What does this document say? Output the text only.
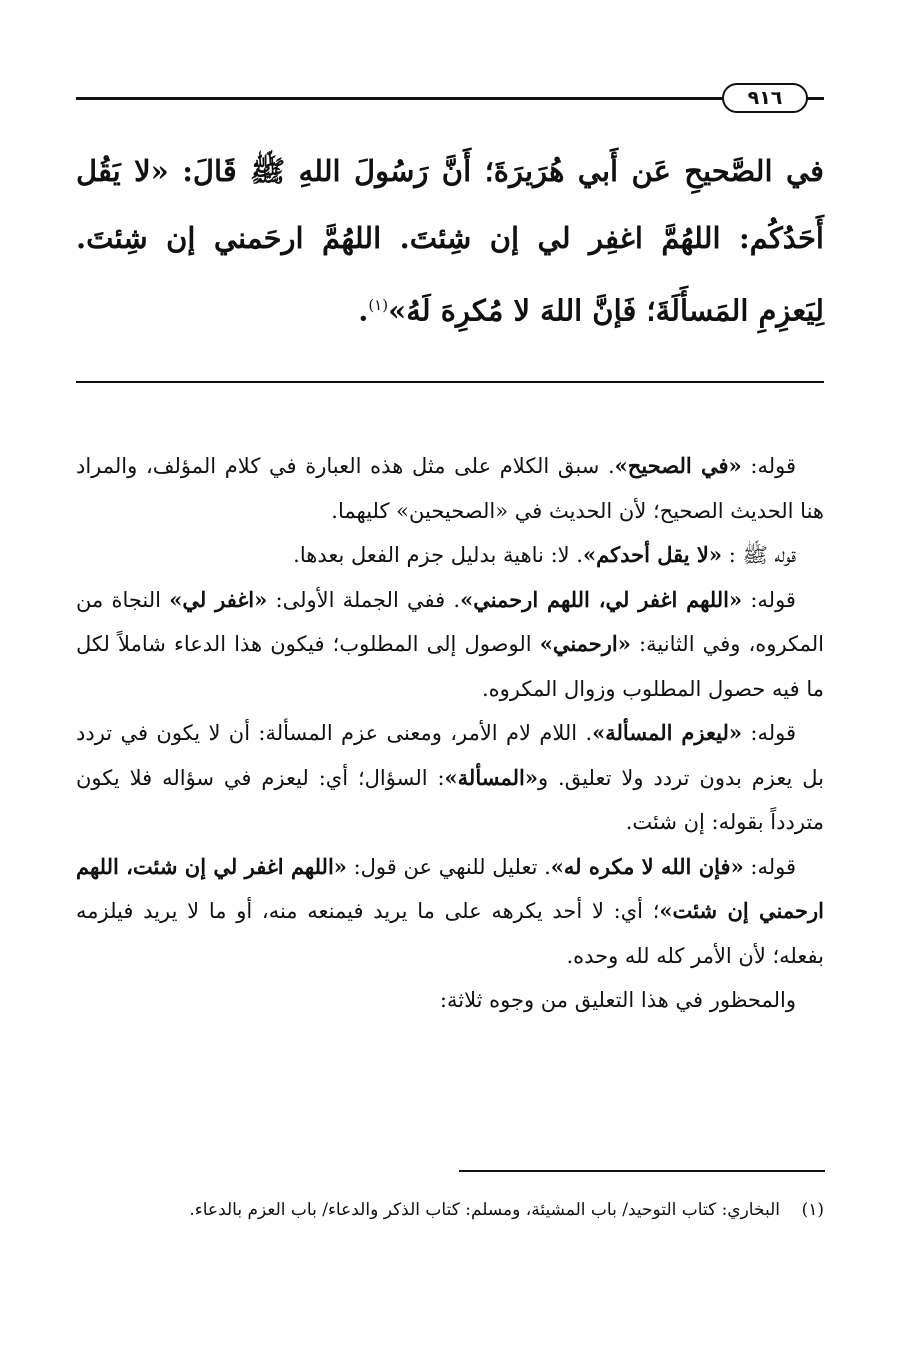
٩١٦
في الصَّحيحِ عَن أَبي هُرَيرَةَ؛ أَنَّ رَسُولَ اللهِ ﷺ قَالَ: «لا يَقُل أَحَدُكُم: اللهُمَّ اغفِر لي إن شِئتَ. اللهُمَّ ارحَمني إن شِئتَ. لِيَعزِمِ المَسأَلَةَ؛ فَإنَّ اللهَ لا مُكرِهَ لَهُ»$^{(١)}$.

قوله: «في الصحيح». سبق الكلام على مثل هذه العبارة في كلام المؤلف، والمراد هنا الحديث الصحيح؛ لأن الحديث في «الصحيحين» كليهما.

قوله ﷺ : «لا يقل أحدكم». لا: ناهية بدليل جزم الفعل بعدها.

قوله: «اللهم اغفر لي، اللهم ارحمني». ففي الجملة الأولى: «اغفر لي» النجاة من المكروه، وفي الثانية: «ارحمني» الوصول إلى المطلوب؛ فيكون هذا الدعاء شاملاً لكل ما فيه حصول المطلوب وزوال المكروه.

قوله: «ليعزم المسألة». اللام لام الأمر، ومعنى عزم المسألة: أن لا يكون في تردد بل يعزم بدون تردد ولا تعليق. و«المسألة»: السؤال؛ أي: ليعزم في سؤاله فلا يكون متردداً بقوله: إن شئت.

قوله: «فإن الله لا مكره له». تعليل للنهي عن قول: «اللهم اغفر لي إن شئت، اللهم ارحمني إن شئت»؛ أي: لا أحد يكرهه على ما يريد فيمنعه منه، أو ما لا يريد فيلزمه بفعله؛ لأن الأمر كله لله وحده.

والمحظور في هذا التعليق من وجوه ثلاثة:

(١)البخاري: كتاب التوحيد/ باب المشيئة، ومسلم: كتاب الذكر والدعاء/ باب العزم بالدعاء.
